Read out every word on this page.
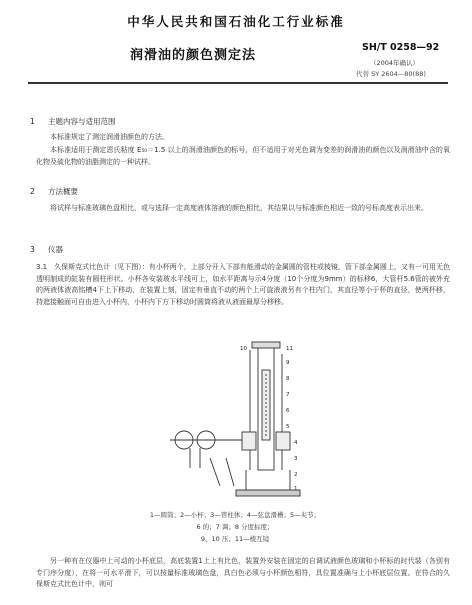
中华人民共和国石油化工行业标准
润滑油的颜色测定法
SH/T 0258—92
（2004年确认）
代替 SY 2604—80(88)
1 主题内容与适用范围
本标准规定了测定润滑油颜色的方法。
本标准适用于测定恩氏粘度 E₅₀＝1.5 以上的润滑油颜色的标号，但不适用于对光色调为变差的润滑油的颜色以及润滑油中含的氧化物及硫化物的油脂测定的一种试样。
2 方法概要
将试样与标准玻璃色盘相比，或与选择一定高度液体溶液的颜色相比，其结果以与标准颜色相近一致的号标高度表示出来。
3 仪器
3.1　久保斯克式比色计（见下图）：有小杯两个，上部分开入下部有能滑动的金属圆的管柱或棱镜，管下部金属圆上，又有一可用无色透明制成的缸装有圆柱形状。小杯各安装玻水平线可上，如水平距离与示4分度（10个分度为9mm）的标移6，大管杆5.6管的被外充的两液体液高铭槽4下上下移动，在装置上刻，固定有垂直不动的两个上可旋液液另有个柱内门，其直径等小于杯的直径，使两杯移，持遮接触面可自由进入小杯内，小杯内下方下移动时圆筒将液从液面最厚分移移。
10	11
9
8
7
6
5
4
3
2
1
1—圆筒；2—小杯；3—管柱体；4—弦盘滑槽；5—夹节；
6 的；7 调；8 分度标度；
9、10 压；11—棱互镜
另一种有在仪器中上可动的小杯底层，高底装置1上上有比色，装置外安装在固定的自调试液颜色玻璃和小杯标的时代装（各别有专门序分度），在将一可水平滑下，可以按量标准玻璃色盘，具白色必须与小杯颜色相符，具位置准确与上小杯底层位置。在符合的久保斯克式比色计中，则可
